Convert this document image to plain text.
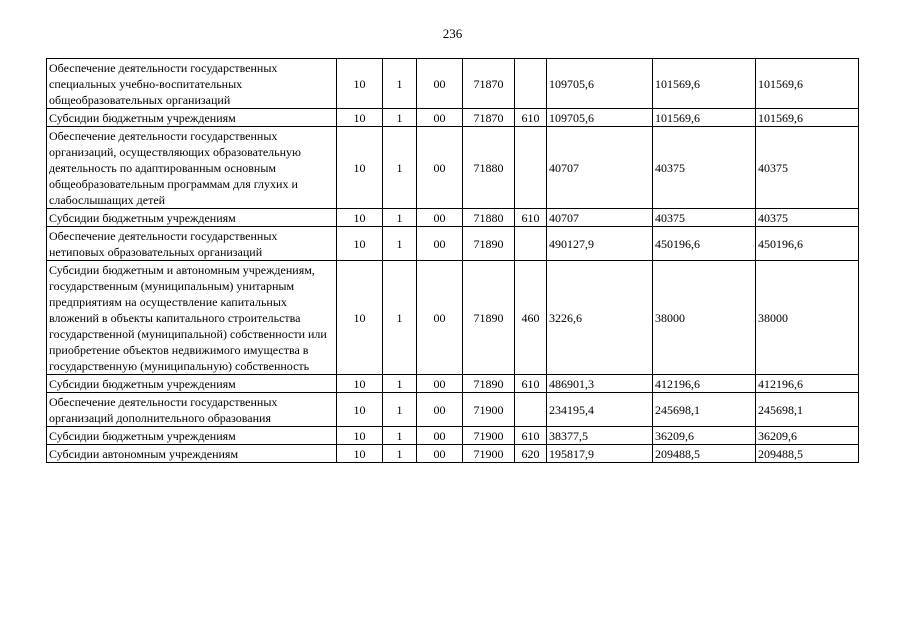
236
Обеспечение деятельности государственных специальных учебно-воспитательных общеобразовательных организаций	10	1	00	71870		109705,6	101569,6	101569,6
Субсидии бюджетным учреждениям	10	1	00	71870	610	109705,6	101569,6	101569,6
Обеспечение деятельности государственных организаций, осуществляющих образовательную деятельность по адаптированным основным общеобразовательным программам для глухих и слабослышащих детей	10	1	00	71880		40707	40375	40375
Субсидии бюджетным учреждениям	10	1	00	71880	610	40707	40375	40375
Обеспечение деятельности государственных нетиповых образовательных организаций	10	1	00	71890		490127,9	450196,6	450196,6
Субсидии бюджетным и автономным учреждениям, государственным (муниципальным) унитарным предприятиям на осуществление капитальных вложений в объекты капитального строительства государственной (муниципальной) собственности или приобретение объектов недвижимого имущества в государственную (муниципальную) собственность	10	1	00	71890	460	3226,6	38000	38000
Субсидии бюджетным учреждениям	10	1	00	71890	610	486901,3	412196,6	412196,6
Обеспечение деятельности государственных организаций дополнительного образования	10	1	00	71900		234195,4	245698,1	245698,1
Субсидии бюджетным учреждениям	10	1	00	71900	610	38377,5	36209,6	36209,6
Субсидии автономным учреждениям	10	1	00	71900	620	195817,9	209488,5	209488,5
